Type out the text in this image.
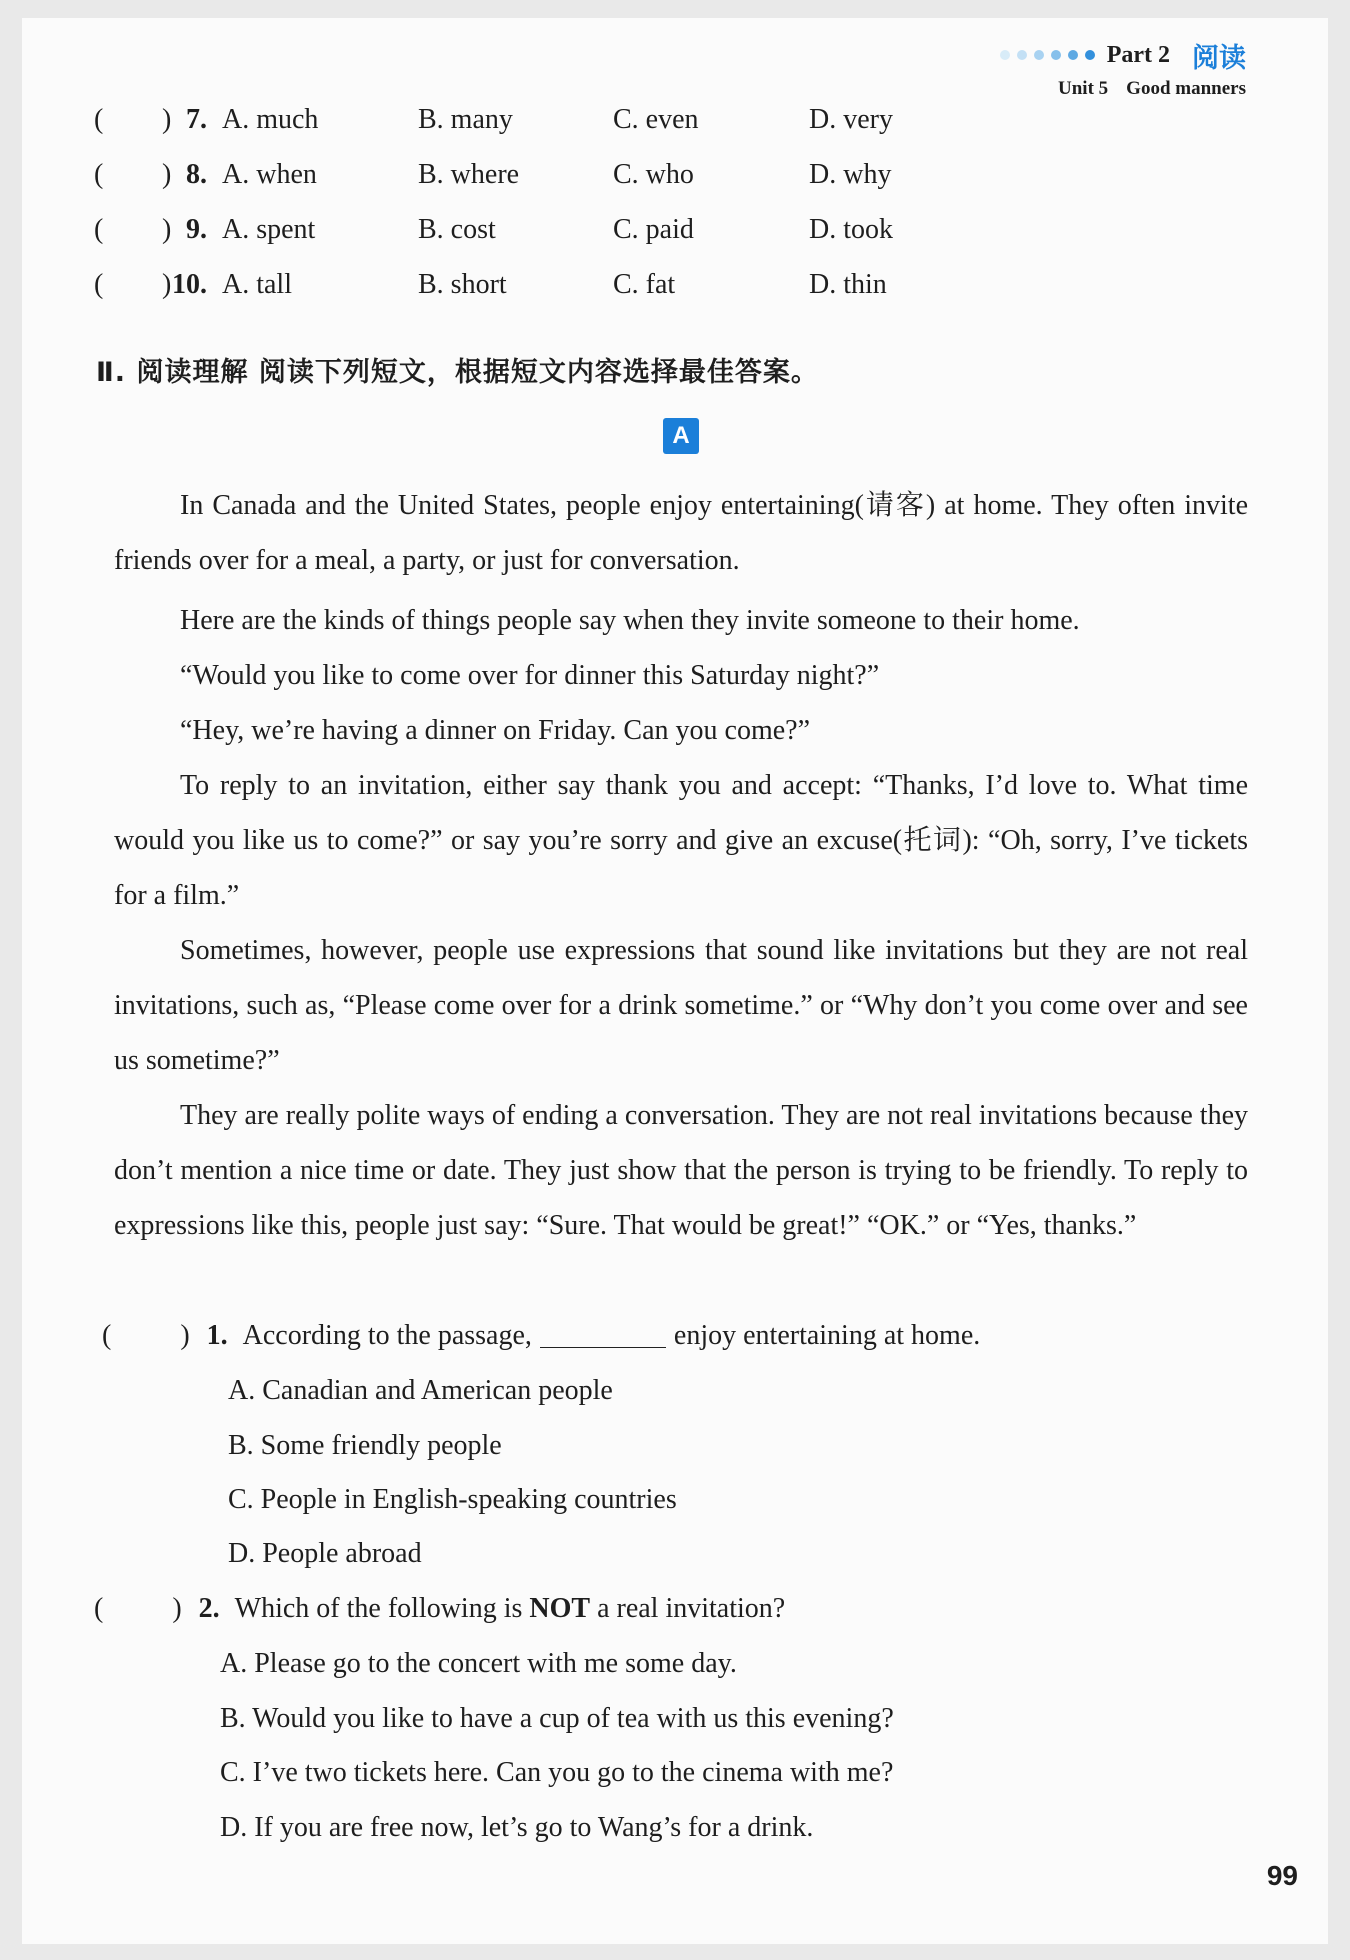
Part 2 阅读
Unit 5 Good manners
( ) 7. A. much	B. many	C. even	D. very
( ) 8. A. when	B. where	C. who	D. why
( ) 9. A. spent	B. cost	C. paid	D. took
( ) 10. A. tall	B. short	C. fat	D. thin
Ⅱ. 阅读理解 阅读下列短文，根据短文内容选择最佳答案。
A

In Canada and the United States, people enjoy entertaining(请客) at home. They often invite friends over for a meal, a party, or just for conversation.

Here are the kinds of things people say when they invite someone to their home.
“Would you like to come over for dinner this Saturday night?”
“Hey, we’re having a dinner on Friday. Can you come?”

To reply to an invitation, either say thank you and accept: “Thanks, I’d love to. What time would you like us to come?” or say you’re sorry and give an excuse(托词): “Oh, sorry, I’ve tickets for a film.”

Sometimes, however, people use expressions that sound like invitations but they are not real invitations, such as, “Please come over for a drink sometime.” or “Why don’t you come over and see us sometime?”

They are really polite ways of ending a conversation. They are not real invitations because they don’t mention a nice time or date. They just show that the person is trying to be friendly. To reply to expressions like this, people just say: “Sure. That would be great!” “OK.” or “Yes, thanks.”

( ) 1. According to the passage,	enjoy entertaining at home.
A. Canadian and American people
B. Some friendly people
C. People in English-speaking countries
D. People abroad
( ) 2. Which of the following is NOT a real invitation?
A. Please go to the concert with me some day.
B. Would you like to have a cup of tea with us this evening?
C. I’ve two tickets here. Can you go to the cinema with me?
D. If you are free now, let’s go to Wang’s for a drink.
99
